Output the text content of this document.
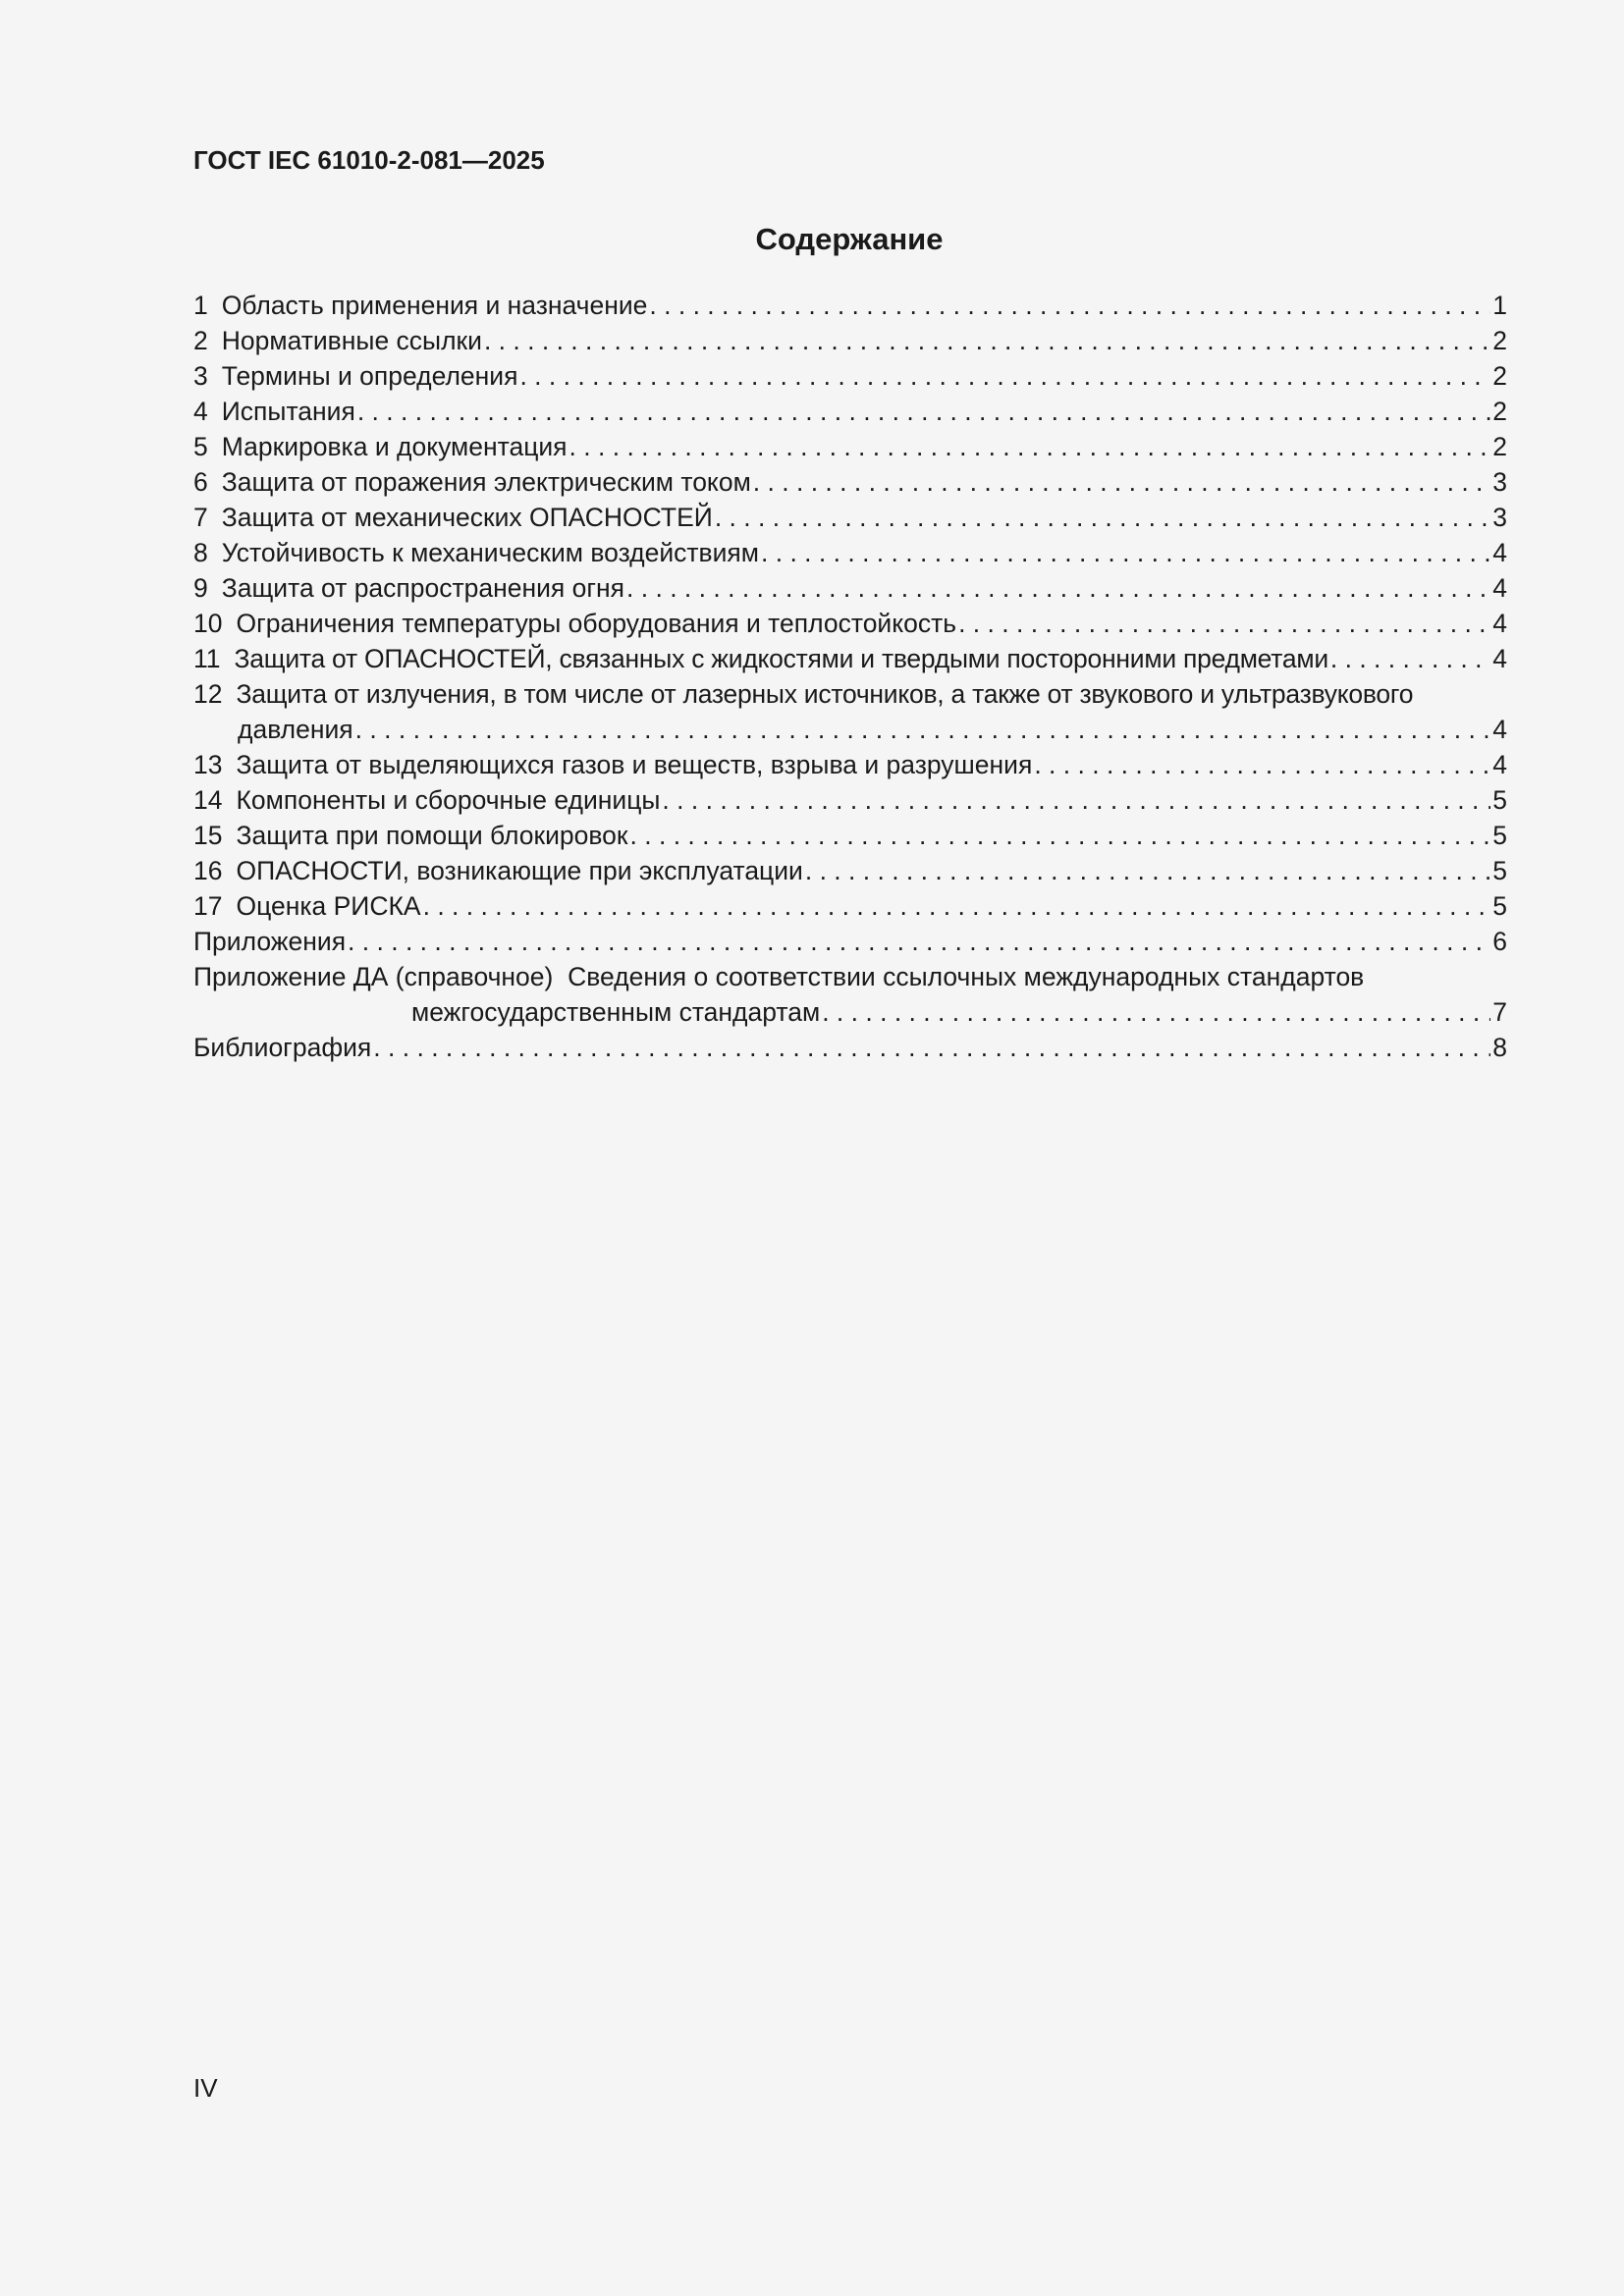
ГОСТ IEC 61010-2-081—2025
Содержание
1 Область применения и назначение . . .	1
2 Нормативные ссылки . . .	2
3 Термины и определения . . .	2
4 Испытания . . .	2
5 Маркировка и документация . . .	2
6 Защита от поражения электрическим током . . .	3
7 Защита от механических ОПАСНОСТЕЙ . . .	3
8 Устойчивость к механическим воздействиям . . .	4
9 Защита от распространения огня . . .	4
10 Ограничения температуры оборудования и теплостойкость . . .	4
11 Защита от ОПАСНОСТЕЙ, связанных с жидкостями и твердыми посторонними предметами . . .	4
12 Защита от излучения, в том числе от лазерных источников, а также от звукового и ультразвукового
давления . . .	4
13 Защита от выделяющихся газов и веществ, взрыва и разрушения . . .	4
14 Компоненты и сборочные единицы . . .	5
15 Защита при помощи блокировок . . .	5
16 ОПАСНОСТИ, возникающие при эксплуатации . . .	5
17 Оценка РИСКА . . .	5
Приложения . . .	6
Приложение ДА (справочное)  Сведения о соответствии ссылочных международных стандартов
межгосударственным стандартам . . .	7
Библиография . . .	8
IV
